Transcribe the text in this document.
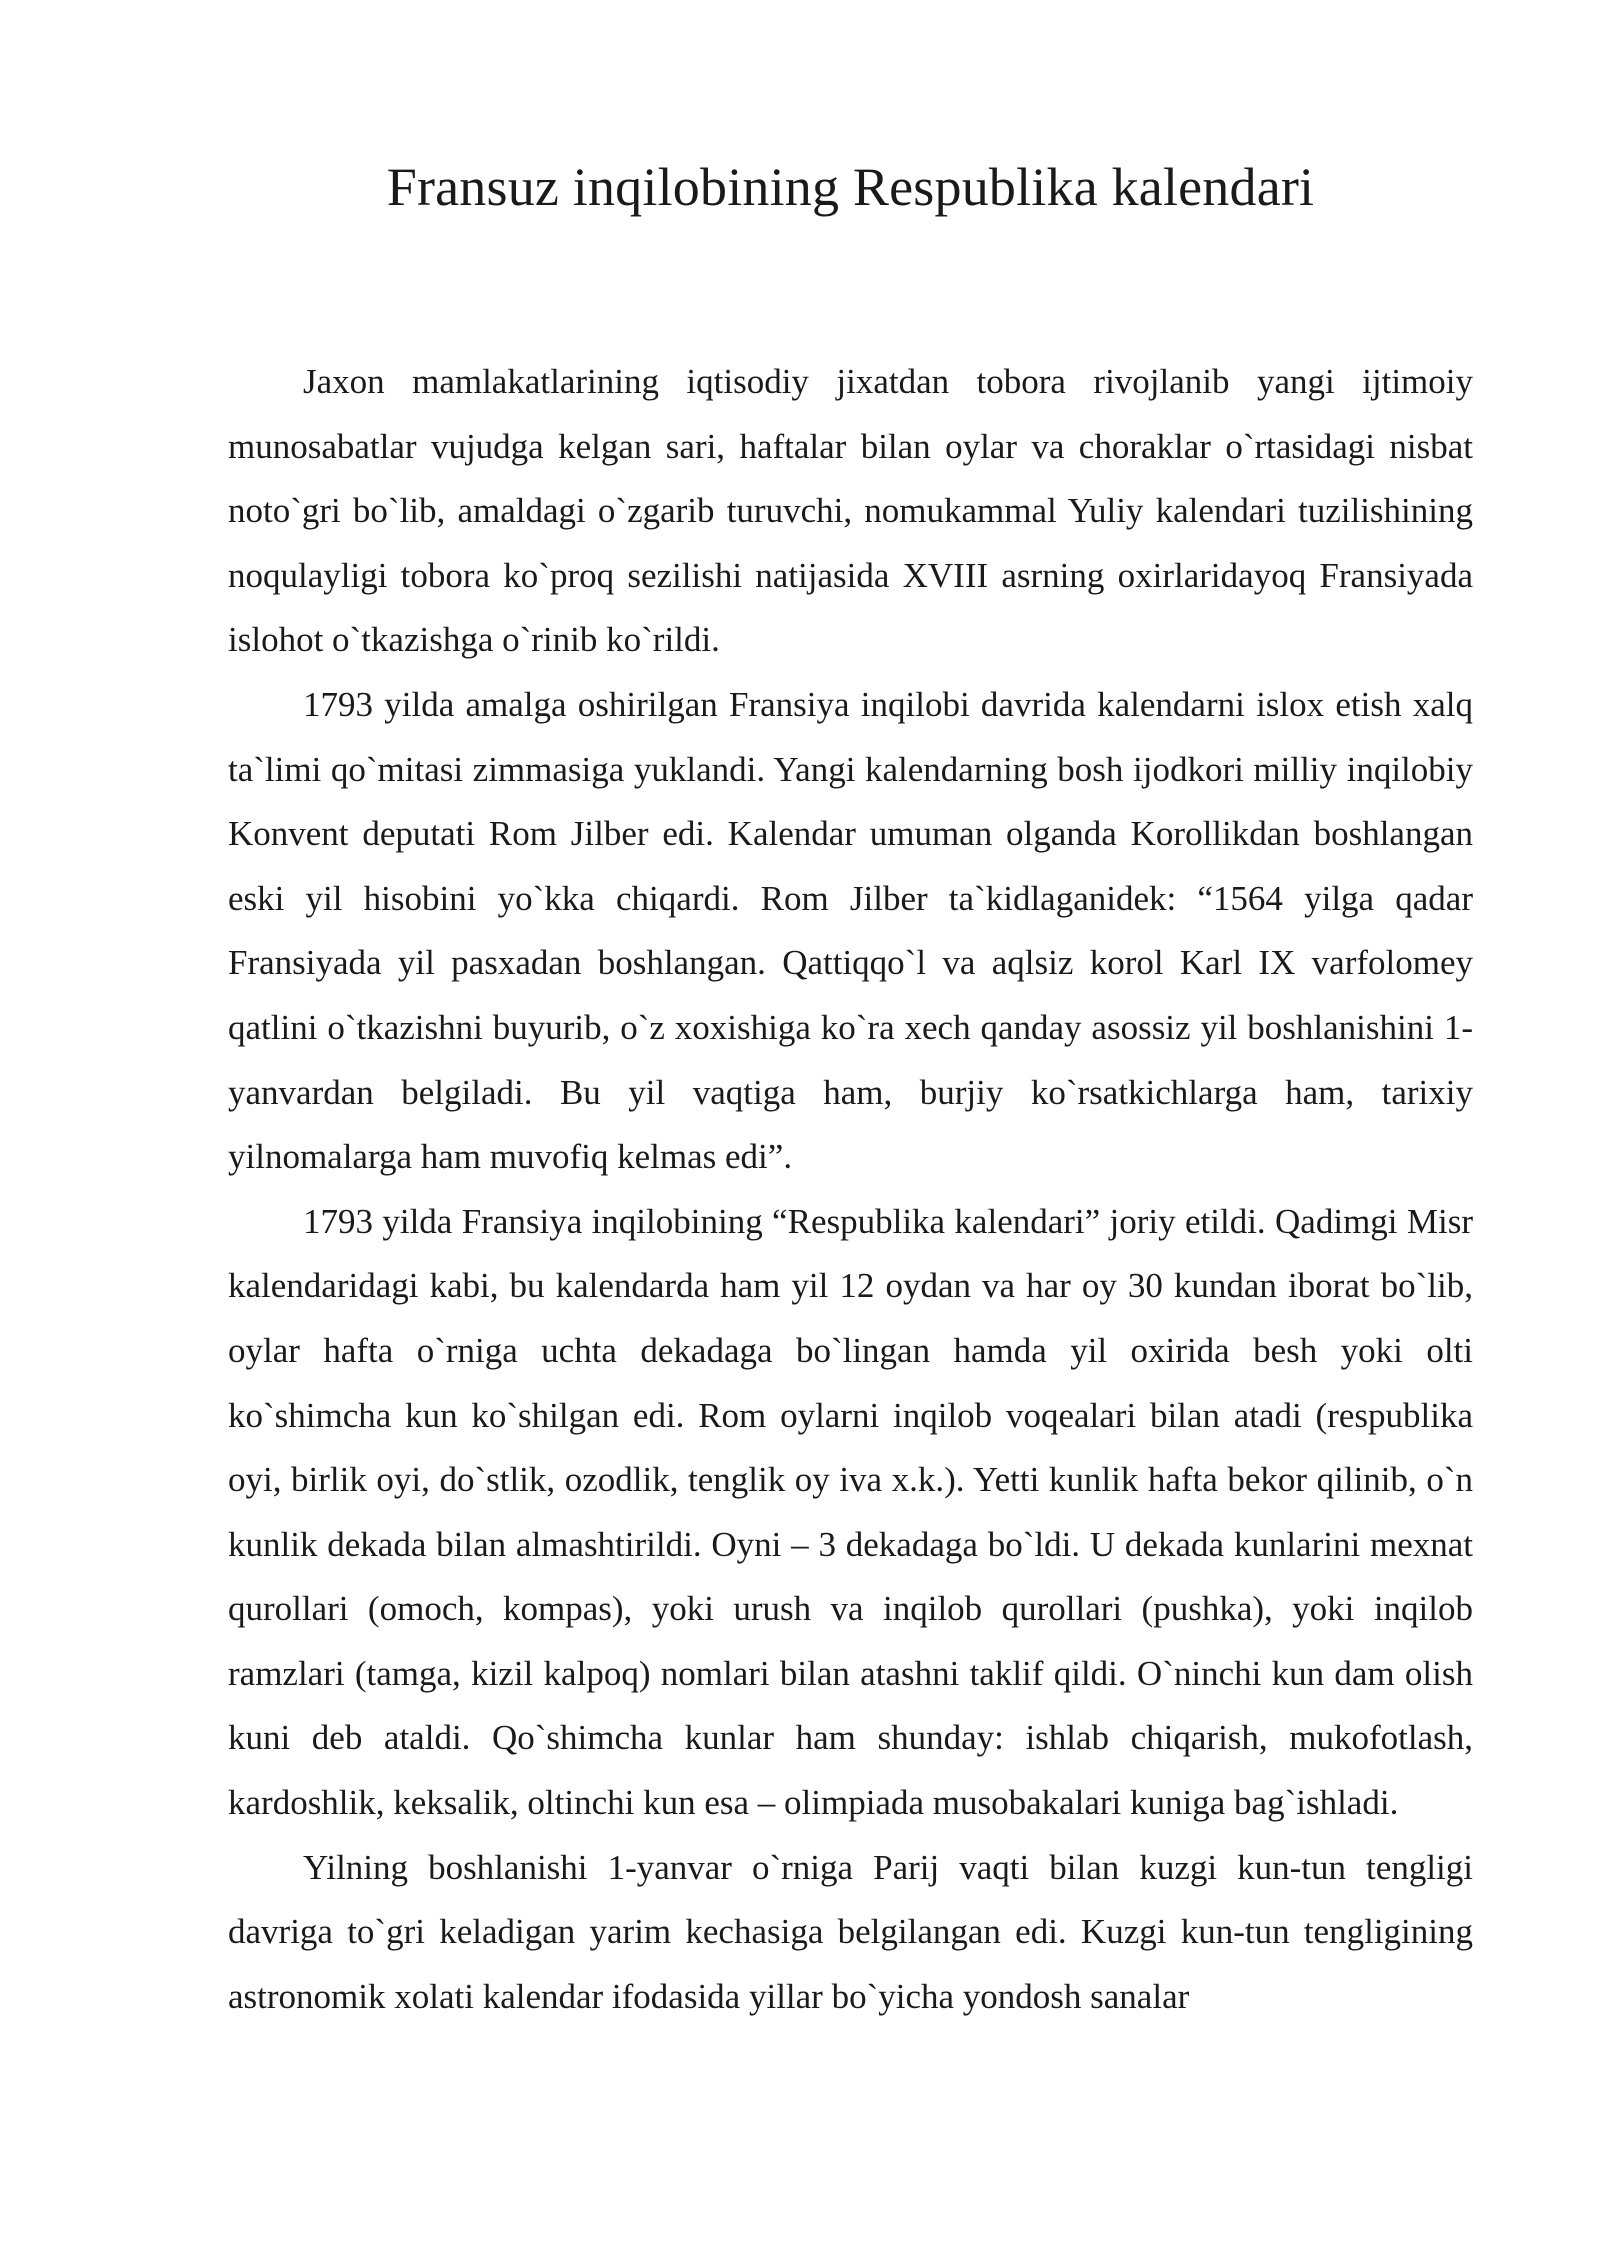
Fransuz inqilobining Respublika kalendari

Jaxon mamlakatlarining iqtisodiy jixatdan tobora rivojlanib yangi ijtimoiy munosabatlar vujudga kelgan sari, haftalar bilan oylar va choraklar o`rtasidagi nisbat noto`gri bo`lib, amaldagi o`zgarib turuvchi, nomukammal Yuliy kalendari tuzilishining noqulayligi tobora ko`proq sezilishi natijasida XVIII asrning oxirlaridayoq Fransiyada islohot o`tkazishga o`rinib ko`rildi.

1793 yilda amalga oshirilgan Fransiya inqilobi davrida kalendarni islox etish xalq ta`limi qo`mitasi zimmasiga yuklandi. Yangi kalendarning bosh ijodkori milliy inqilobiy Konvent deputati Rom Jilber edi. Kalendar umuman olganda Korollikdan boshlangan eski yil hisobini yo`kka chiqardi. Rom Jilber ta`kidlaganidek: “1564 yilga qadar Fransiyada yil pasxadan boshlangan. Qattiqqo`l va aqlsiz korol Karl IX varfolomey qatlini o`tkazishni buyurib, o`z xoxishiga ko`ra xech qanday asossiz yil boshlanishini 1-yanvardan belgiladi. Bu yil vaqtiga ham, burjiy ko`rsatkichlarga ham, tarixiy yilnomalarga ham muvofiq kelmas edi”.

1793 yilda Fransiya inqilobining “Respublika kalendari” joriy etildi. Qadimgi Misr kalendaridagi kabi, bu kalendarda ham yil 12 oydan va har oy 30 kundan iborat bo`lib, oylar hafta o`rniga uchta dekadaga bo`lingan hamda yil oxirida besh yoki olti ko`shimcha kun ko`shilgan edi. Rom oylarni inqilob voqealari bilan atadi (respublika oyi, birlik oyi, do`stlik, ozodlik, tenglik oy iva x.k.). Yetti kunlik hafta bekor qilinib, o`n kunlik dekada bilan almashtirildi. Oyni – 3 dekadaga bo`ldi. U dekada kunlarini mexnat qurollari (omoch, kompas), yoki urush va inqilob qurollari (pushka), yoki inqilob ramzlari (tamga, kizil kalpoq) nomlari bilan atashni taklif qildi. O`ninchi kun dam olish kuni deb ataldi. Qo`shimcha kunlar ham shunday: ishlab chiqarish, mukofotlash, kardoshlik, keksalik, oltinchi kun esa – olimpiada musobakalari kuniga bag`ishladi.

Yilning boshlanishi 1-yanvar o`rniga Parij vaqti bilan kuzgi kun-tun tengligi davriga to`gri keladigan yarim kechasiga belgilangan edi. Kuzgi kun-tun tengligining astronomik xolati kalendar ifodasida yillar bo`yicha yondosh sanalar
